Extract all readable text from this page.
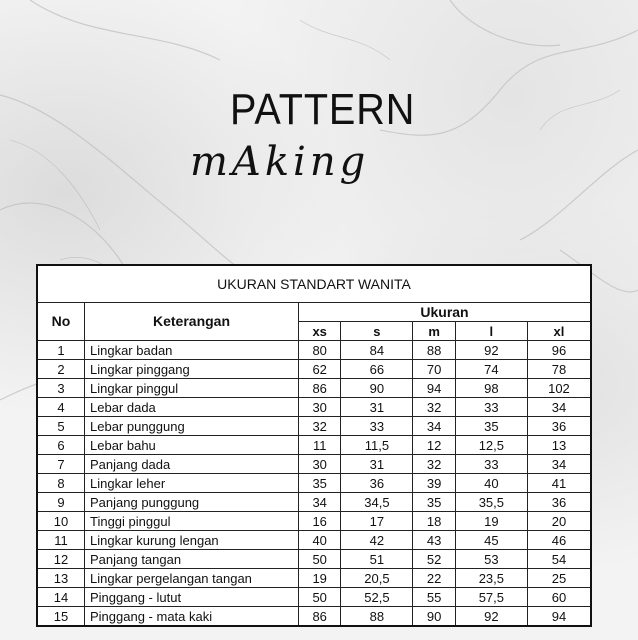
PATTERN
mAking
UKURAN STANDART WANITA						
No	Keterangan	Ukuran				
		xs	s	m	l	xl
1	Lingkar badan	80	84	88	92	96
2	Lingkar pinggang	62	66	70	74	78
3	Lingkar pinggul	86	90	94	98	102
4	Lebar dada	30	31	32	33	34
5	Lebar punggung	32	33	34	35	36
6	Lebar bahu	11	11,5	12	12,5	13
7	Panjang dada	30	31	32	33	34
8	Lingkar leher	35	36	39	40	41
9	Panjang punggung	34	34,5	35	35,5	36
10	Tinggi pinggul	16	17	18	19	20
11	Lingkar kurung lengan	40	42	43	45	46
12	Panjang tangan	50	51	52	53	54
13	Lingkar pergelangan tangan	19	20,5	22	23,5	25
14	Pinggang - lutut	50	52,5	55	57,5	60
15	Pinggang - mata kaki	86	88	90	92	94
